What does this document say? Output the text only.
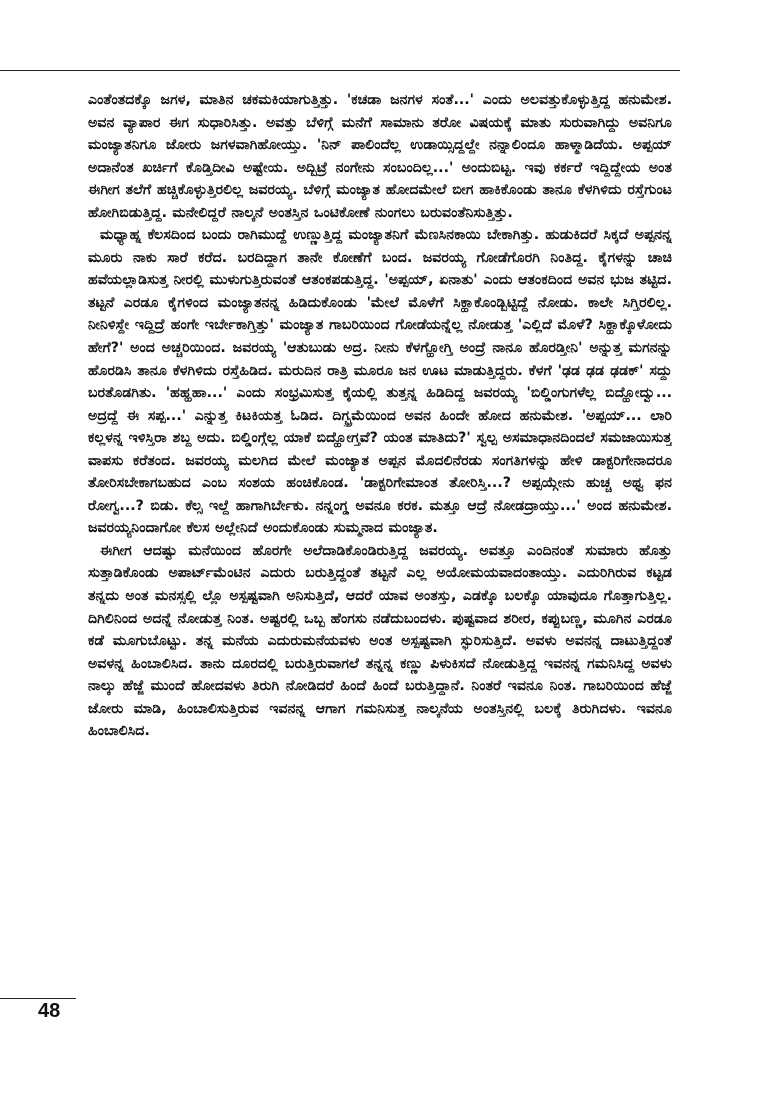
ಎಂತೆಂತದಕ್ಕೊ ಜಗಳ, ಮಾತಿನ ಚಕಮಕಿಯಾಗುತ್ತಿತ್ತು. 'ಕಚಡಾ ಜನಗಳ ಸಂತೆ...' ಎಂದು ಅಲವತ್ತುಕೊಳ್ಳುತ್ತಿದ್ದ ಹನುಮೇಶ. ಅವನ ವ್ಯಾಪಾರ ಈಗ ಸುಧಾರಿಸಿತ್ತು. ಅವತ್ತು ಬೆಳಿಗ್ಗೆ ಮನೆಗೆ ಸಾಮಾನು ತರೋ ವಿಷಯಕ್ಕೆ ಮಾತು ಸುರುವಾಗಿದ್ದು ಅವನಿಗೂ ಮಂಜ್ಯಾತನಿಗೂ ಜೋರು ಜಗಳವಾಗಿಹೋಯ್ತು. 'ನಿನ್ ಪಾಲಿಂದೆಲ್ಲ ಉಡಾಯ್ಸಿದ್ದಲ್ದೇ ನನ್ನಾಲಿಂದೂ ಹಾಳ್ಮಾಡಿದೆಯ. ಅಪ್ಪಯ್ ಅದಾನೆಂತ ಖರ್ಚಿಗೆ ಕೊಡ್ತಿದೀವಿ ಅಷ್ಟೇಯ. ಅದ್ಬಿಟ್ರೆ ನಂಗೇನು ಸಂಬಂದಿಲ್ಲ...' ಅಂದುಬಿಟ್ಟ. ಇವು ಕರ್ಕರೆ ಇದ್ದಿದ್ದೇಯ ಅಂತ ಈಗೀಗ ತಲೆಗೆ ಹಚ್ಚಿಕೊಳ್ಳುತ್ತಿರಲಿಲ್ಲ ಜವರಯ್ಯ. ಬೆಳಿಗ್ಗೆ ಮಂಜ್ಯಾತ ಹೋದಮೇಲೆ ಬೀಗ ಹಾಕಿಕೊಂಡು ತಾನೂ ಕೆಳಗಿಳಿದು ರಸ್ತೆಗುಂಟ ಹೋಗಿಬಿಡುತ್ತಿದ್ದ. ಮನೇಲಿದ್ದರೆ ನಾಲ್ಕನೆ ಅಂತಸ್ತಿನ ಒಂಟಿಕೋಣೆ ನುಂಗಲು ಬರುವಂತೆನಿಸುತ್ತಿತ್ತು.

ಮಧ್ಯಾಹ್ನ ಕೆಲಸದಿಂದ ಬಂದು ರಾಗಿಮುದ್ದೆ ಉಣ್ಣುತ್ತಿದ್ದ ಮಂಜ್ಯಾತನಿಗೆ ಮೆಣಸಿನಕಾಯಿ ಬೇಕಾಗಿತ್ತು. ಹುಡುಕಿದರೆ ಸಿಕ್ಕದೆ ಅಪ್ಪನನ್ನ ಮೂರು ನಾಕು ಸಾರೆ ಕರೆದ. ಬರದಿದ್ದಾಗ ತಾನೇ ಕೋಣೆಗೆ ಬಂದ. ಜವರಯ್ಯ ಗೋಡೆಗೊರಗಿ ನಿಂತಿದ್ದ. ಕೈಗಳನ್ನು ಚಾಚಿ ಹವೆಯಲ್ಲಾಡಿಸುತ್ತ ನೀರಲ್ಲಿ ಮುಳುಗುತ್ತಿರುವಂತೆ ಆತಂಕಪಡುತ್ತಿದ್ದ. 'ಅಪ್ಪಯ್, ಏನಾತು' ಎಂದು ಆತಂಕದಿಂದ ಅವನ ಭುಜ ತಟ್ಟಿದ. ತಟ್ಟನೆ ಎರಡೂ ಕೈಗಳಿಂದ ಮಂಜ್ಯಾತನನ್ನ ಹಿಡಿದುಕೊಂಡು 'ಮೇಲೆ ಮೊಳೆಗೆ ಸಿಕ್ಹಾಕೊಂಡ್ಬಿಟ್ಟಿದ್ದೆ ನೋಡು. ಕಾಲೇ ಸಿಗ್ತಿರಲಿಲ್ಲ. ನೀನಿಳಿಸ್ದೇ ಇದ್ದಿದ್ರೆ ಹಂಗೇ ಇರ್ಬೇಕಾಗ್ತಿತ್ತು' ಮಂಜ್ಯಾತ ಗಾಬರಿಯಿಂದ ಗೋಡೆಯನ್ನೆಲ್ಲ ನೋಡುತ್ತ 'ಎಲ್ಲಿದೆ ಮೊಳೆ? ಸಿಕ್ಹಾಕ್ಕೊಳೋದು ಹೇಗೆ?' ಅಂದ ಅಚ್ಚರಿಯಿಂದ. ಜವರಯ್ಯ 'ಆತುಬುಡು ಅದ್ರ. ನೀನು ಕೆಳಗ್ಹೋಗ್ತಿ ಅಂದ್ರೆ ನಾನೂ ಹೊರಡ್ತೀನಿ' ಅನ್ನುತ್ತ ಮಗನನ್ನು ಹೊರಡಿಸಿ ತಾನೂ ಕೆಳಗಿಳಿದು ರಸ್ತೆಹಿಡಿದ. ಮರುದಿನ ರಾತ್ರಿ ಮೂರೂ ಜನ ಊಟ ಮಾಡುತ್ತಿದ್ದರು. ಕೆಳಗೆ 'ಢಡ ಢಡ ಢಡಕ್' ಸದ್ದು ಬರತೊಡಗಿತು. 'ಹಹ್ಹಹಾ...' ಎಂದು ಸಂಭ್ರಮಿಸುತ್ತ ಕೈಯಲ್ಲಿ ತುತ್ತನ್ನ ಹಿಡಿದಿದ್ದ ಜವರಯ್ಯ 'ಬಿಲ್ಡಿಂಗುಗಳೆಲ್ಲ ಬಿದ್ಹೋದ್ವು... ಅದ್ರದ್ದೆ ಈ ಸಪ್ಪ...' ಎನ್ನುತ್ತ ಕಿಟಕಿಯತ್ತ ಓಡಿದ. ದಿಗ್ಭ್ರಮೆಯಿಂದ ಅವನ ಹಿಂದೇ ಹೋದ ಹನುಮೇಶ. 'ಅಪ್ಪಯ್... ಲಾರಿ ಕಲ್ಲಳನ್ನ ಇಳಿಸ್ತಿರಾ ಶಬ್ದ ಅದು. ಬಿಲ್ಡಿಂಗ್ಗೆಲ್ಲ ಯಾಕೆ ಬಿದ್ಹೋಗ್ತವೆ? ಯಂತ ಮಾತಿದು?' ಸ್ವಲ್ಪ ಅಸಮಾಧಾನದಿಂದಲೆ ಸಮಜಾಯಿಸುತ್ತ ವಾಪಸು ಕರೆತಂದ. ಜವರಯ್ಯ ಮಲಗಿದ ಮೇಲೆ ಮಂಜ್ಯಾತ ಅಪ್ಪನ ಮೊದಲಿನೆರಡು ಸಂಗತಿಗಳನ್ನು ಹೇಳಿ ಡಾಕ್ಟರಿಗೇನಾದರೂ ತೋರಿಸಬೇಕಾಗಬಹುದ ಎಂಬ ಸಂಶಯ ಹಂಚಿಕೊಂಡ. 'ಡಾಕ್ಟರಿಗೇಮಾಂತ ತೋರಿಸ್ತಿ...? ಅಪ್ಪಯ್ಗೇನು ಹುಚ್ಚ ಅಥ್ವ ಫನ ರೋಗ್ವ...? ಬಿಡು. ಕೆಲ್ಸ ಇಲ್ದೆ ಹಾಗಾಗಿರ್ಬೇಕು. ನನ್ನಂಗ್ಡ ಅವನೂ ಕರಕ. ಮತ್ತೂ ಆದ್ರೆ ನೋಡದ್ರಾಯ್ತು...' ಅಂದ ಹನುಮೇಶ. ಜವರಯ್ಯನಿಂದಾಗೋ ಕೆಲಸ ಅಲ್ಲೇನಿದೆ ಅಂದುಕೊಂಡು ಸುಮ್ಮನಾದ ಮಂಜ್ಯಾತ.

ಈಗೀಗ ಆದಷ್ಟು ಮನೆಯಿಂದ ಹೊರಗೇ ಅಲೆದಾಡಿಕೊಂಡಿರುತ್ತಿದ್ದ ಜವರಯ್ಯ. ಅವತ್ತೂ ಎಂದಿನಂತೆ ಸುಮಾರು ಹೊತ್ತು ಸುತ್ತಾಡಿಕೊಂಡು ಅಪಾರ್ಟ್‌ಮೆಂಟಿನ ಎದುರು ಬರುತ್ತಿದ್ದಂತೆ ತಟ್ಟನೆ ಎಲ್ಲ ಅಯೋಮಯವಾದಂತಾಯ್ತು. ಎದುರಿಗಿರುವ ಕಟ್ಟಡ ತನ್ನದು ಅಂತ ಮನಸ್ಸಲ್ಲಿ ಲ್ಲೊ ಅಸ್ಪಷ್ಟವಾಗಿ ಅನಿಸುತ್ತಿದೆ, ಆದರೆ ಯಾವ ಅಂತಸ್ತು, ಎಡಕ್ಕೊ ಬಲಕ್ಕೊ ಯಾವುದೂ ಗೊತ್ತಾಗುತ್ತಿಲ್ಲ. ದಿಗಿಲಿನಿಂದ ಅದನ್ನೆ ನೋಡುತ್ತ ನಿಂತ. ಅಷ್ಟರಲ್ಲಿ ಒಬ್ಬ ಹೆಂಗಸು ನಡೆದುಬಂದಳು. ಪುಷ್ಟವಾದ ಶರೀರ, ಕಪ್ಪುಬಣ್ಣ, ಮೂಗಿನ ಎರಡೂ ಕಡೆ ಮೂಗುಬೊಟ್ಟು. ತನ್ನ ಮನೆಯ ಎದುರುಮನೆಯವಳು ಅಂತ ಅಸ್ಪಷ್ಟವಾಗಿ ಸ್ಫುರಿಸುತ್ತಿದೆ. ಅವಳು ಅವನನ್ನ ದಾಟುತ್ತಿದ್ದಂತೆ ಅವಳನ್ನ ಹಿಂಬಾಲಿಸಿದ. ತಾನು ದೂರದಲ್ಲಿ ಬರುತ್ತಿರುವಾಗಲೆ ತನ್ನನ್ನ ಕಣ್ಣು ಪಿಳುಕಿಸದೆ ನೋಡುತ್ತಿದ್ದ ಇವನನ್ನ ಗಮನಿಸಿದ್ದ ಅವಳು ನಾಲ್ಕು ಹೆಜ್ಜೆ ಮುಂದೆ ಹೋದವಳು ತಿರುಗಿ ನೋಡಿದರೆ ಹಿಂದೆ ಹಿಂದೆ ಬರುತ್ತಿದ್ದಾನೆ. ನಿಂತರೆ ಇವನೂ ನಿಂತ. ಗಾಬರಿಯಿಂದ ಹೆಜ್ಜೆ ಜೋರು ಮಾಡಿ, ಹಿಂಬಾಲಿಸುತ್ತಿರುವ ಇವನನ್ನ ಆಗಾಗ ಗಮನಿಸುತ್ತ ನಾಲ್ಕನೆಯ ಅಂತಸ್ತಿನಲ್ಲಿ ಬಲಕ್ಕೆ ತಿರುಗಿದಳು. ಇವನೂ ಹಿಂಬಾಲಿಸಿದ.

48
